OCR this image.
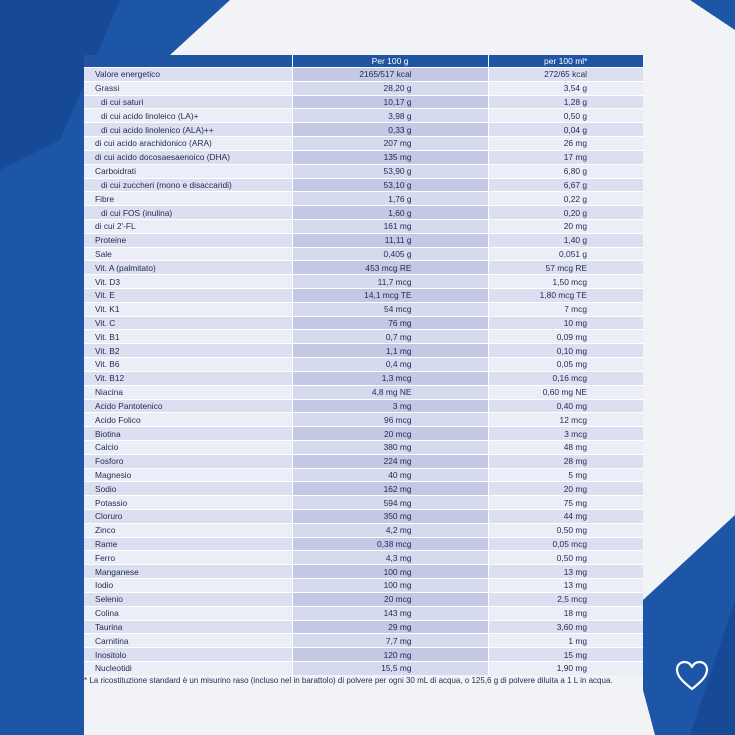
	Per 100 g	per 100 ml*
Valore energetico	2165/517 kcal	272/65 kcal
Grassi	28,20 g	3,54 g
di cui saturi	10,17 g	1,28 g
di cui acido linoleico (LA)+	3,98 g	0,50 g
di cui acido linolenico (ALA)++	0,33 g	0,04 g
di cui acido arachidonico (ARA)	207 mg	26 mg
di cui acido docosaesaenoico (DHA)	135 mg	17 mg
Carboidrati	53,90 g	6,80 g
di cui zuccheri (mono e disaccaridi)	53,10 g	6,67 g
Fibre	1,76 g	0,22 g
di cui FOS (inulina)	1,60 g	0,20 g
di cui 2'-FL	161 mg	20 mg
Proteine	11,11 g	1,40 g
Sale	0,405 g	0,051 g
Vit. A (palmitato)	453 mcg RE	57 mcg RE
Vit. D3	11,7 mcg	1,50 mcg
Vit. E	14,1 mcg TE	1,80 mcg TE
Vit. K1	54 mcg	7 mcg
Vit. C	76 mg	10 mg
Vit. B1	0,7 mg	0,09 mg
Vit. B2	1,1 mg	0,10 mg
Vit. B6	0,4 mg	0,05 mg
Vit. B12	1,3 mcg	0,16 mcg
Niacina	4,8 mg NE	0,60 mg NE
Acido Pantotenico	3 mg	0,40 mg
Acido Folico	96 mcg	12 mcg
Biotina	20 mcg	3 mcg
Calcio	380 mg	48 mg
Fosforo	224 mg	28 mg
Magnesio	40 mg	5 mg
Sodio	162 mg	20 mg
Potassio	594 mg	75 mg
Cloruro	350 mg	44 mg
Zinco	4,2 mg	0,50 mg
Rame	0,38 mcg	0,05 mcg
Ferro	4,3 mg	0,50 mg
Manganese	100 mg	13 mg
Iodio	100 mg	13 mg
Selenio	20 mcg	2,5 mcg
Colina	143 mg	18 mg
Taurina	29 mg	3,60 mg
Carnitina	7,7 mg	1 mg
Inositolo	120 mg	15 mg
Nucleotidi	15,5 mg	1,90 mg
* La ricostituzione standard è un misurino raso (incluso nel in barattolo) di polvere per ogni 30 mL di acqua, o 125,6 g di polvere diluita a 1 L in acqua.
